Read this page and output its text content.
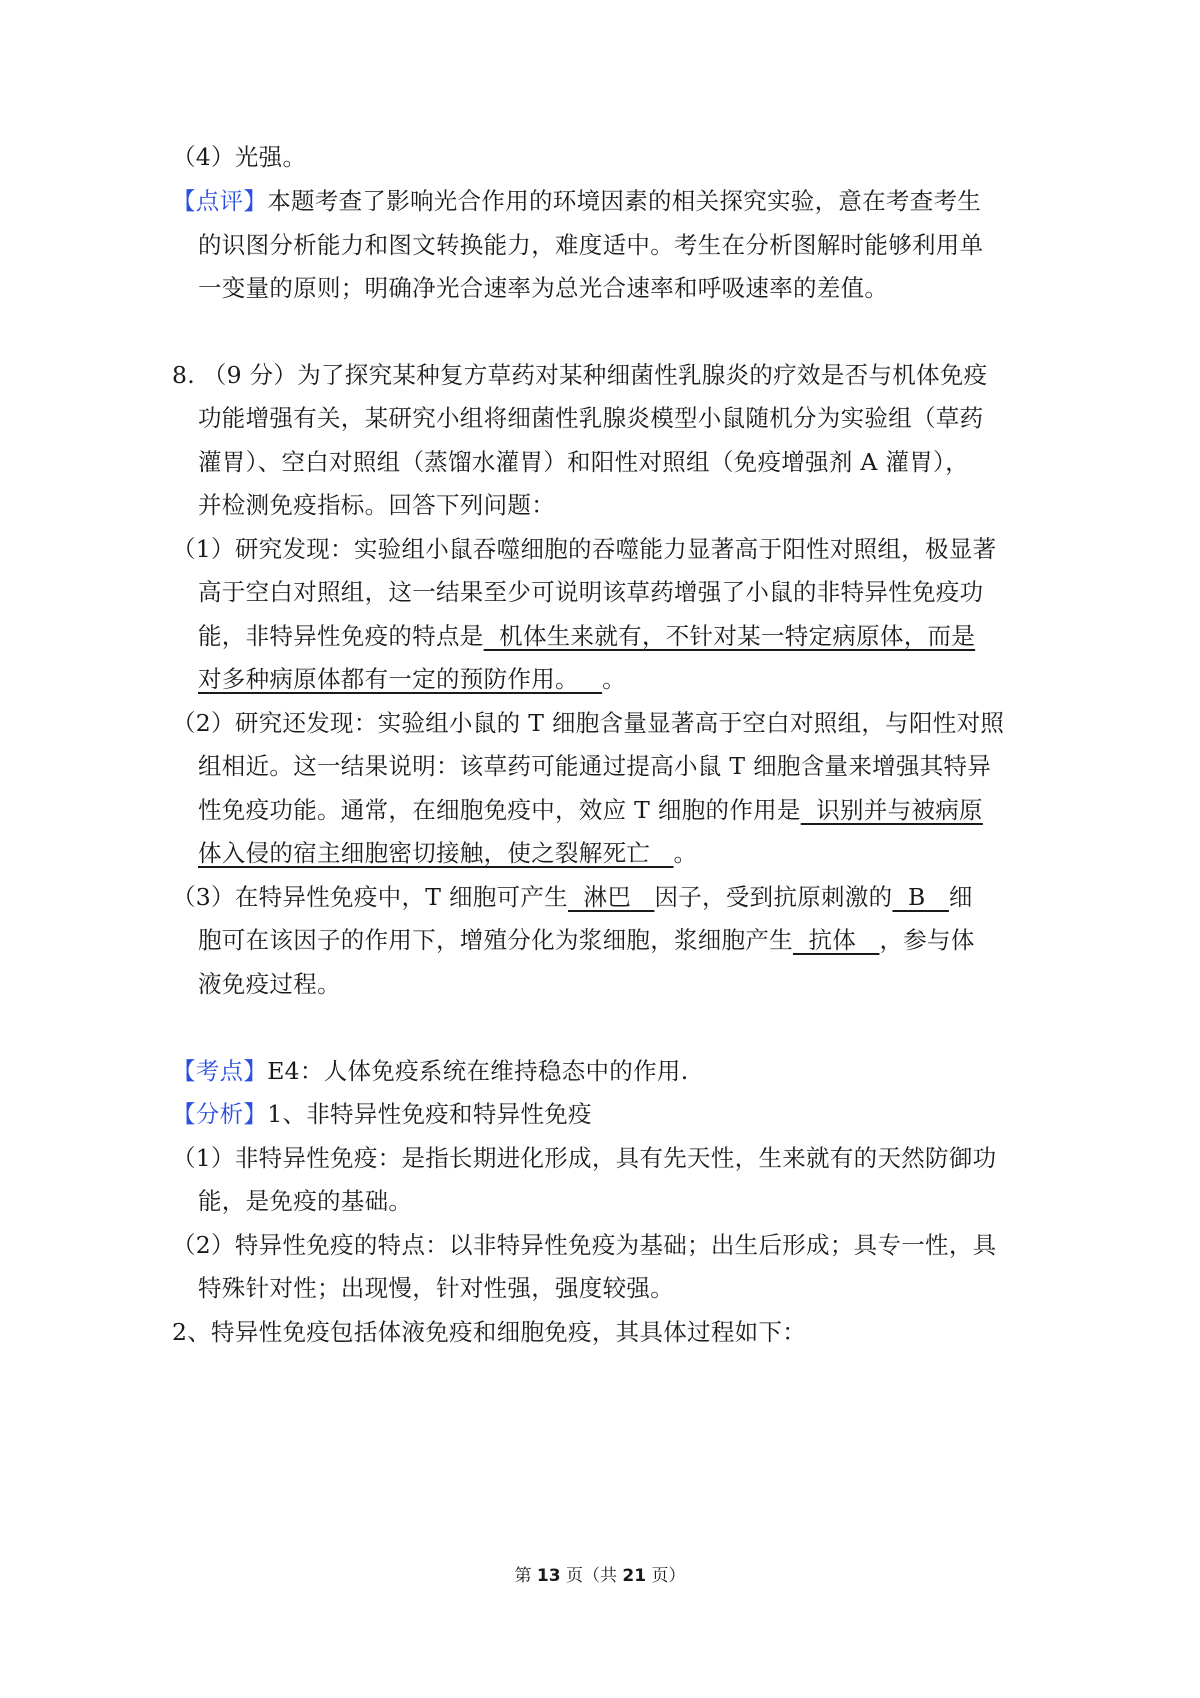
（4）光强。
【点评】本题考查了影响光合作用的环境因素的相关探究实验，意在考查考生
的识图分析能力和图文转换能力，难度适中。考生在分析图解时能够利用单
一变量的原则；明确净光合速率为总光合速率和呼吸速率的差值。
8. （9 分）为了探究某种复方草药对某种细菌性乳腺炎的疗效是否与机体免疫
功能增强有关，某研究小组将细菌性乳腺炎模型小鼠随机分为实验组（草药
灌胃）、空白对照组（蒸馏水灌胃）和阳性对照组（免疫增强剂 A 灌胃），
并检测免疫指标。回答下列问题：
（1）研究发现：实验组小鼠吞噬细胞的吞噬能力显著高于阳性对照组，极显著
高于空白对照组，这一结果至少可说明该草药增强了小鼠的非特异性免疫功
能，非特异性免疫的特点是  机体生来就有，不针对某一特定病原体，而是
对多种病原体都有一定的预防作用。   。
（2）研究还发现：实验组小鼠的 T 细胞含量显著高于空白对照组，与阳性对照
组相近。这一结果说明：该草药可能通过提高小鼠 T 细胞含量来增强其特异
性免疫功能。通常，在细胞免疫中，效应 T 细胞的作用是  识别并与被病原
体入侵的宿主细胞密切接触，使之裂解死亡   。
（3）在特异性免疫中，T 细胞可产生  淋巴   因子，受到抗原刺激的  B   细
胞可在该因子的作用下，增殖分化为浆细胞，浆细胞产生  抗体   ，参与体
液免疫过程。
【考点】E4：人体免疫系统在维持稳态中的作用.
【分析】1、非特异性免疫和特异性免疫
（1）非特异性免疫：是指长期进化形成，具有先天性，生来就有的天然防御功
能，是免疫的基础。
（2）特异性免疫的特点：以非特异性免疫为基础；出生后形成；具专一性，具
特殊针对性；出现慢，针对性强，强度较强。
2、特异性免疫包括体液免疫和细胞免疫，其具体过程如下：
第 13 页（共 21 页）
